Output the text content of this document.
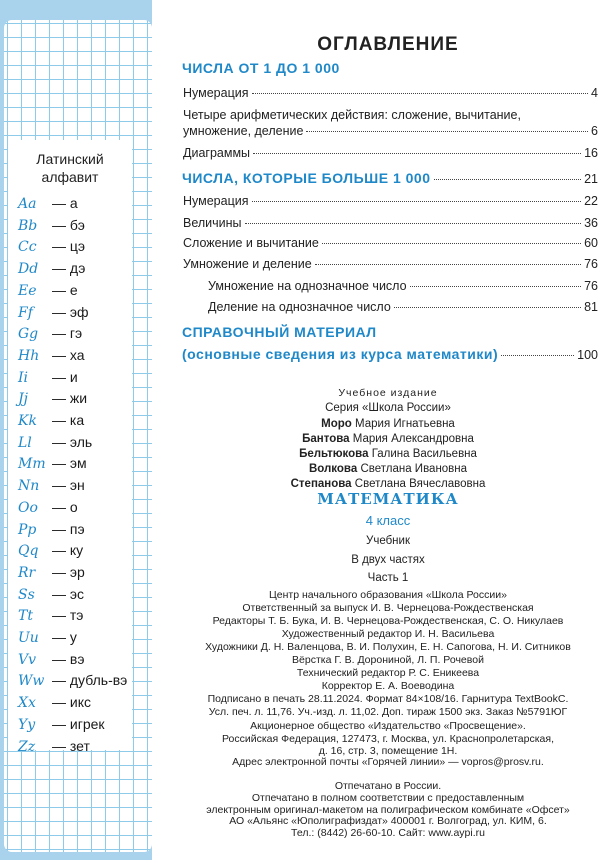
Латинский
алфавит
Aa — а
Bb — бэ
Cc — цэ
Dd — дэ
Ee — е
Ff — эф
Gg — гэ
Hh — ха
Ii — и
Jj — жи
Kk — ка
Ll — эль
Mm — эм
Nn — эн
Oo — о
Pp — пэ
Qq — ку
Rr — эр
Ss — эс
Tt — тэ
Uu — у
Vv — вэ
Ww — дубль-вэ
Xx — икс
Yy — игрек
Zz — зет
ОГЛАВЛЕНИЕ
ЧИСЛА ОТ 1 ДО 1 000
Нумерация	4
Четыре арифметических действия: сложение, вычитание,
умножение, деление	6
Диаграммы	16
ЧИСЛА, КОТОРЫЕ БОЛЬШЕ 1 000	21
Нумерация	22
Величины	36
Сложение и вычитание	60
Умножение и деление	76
Умножение на однозначное число	76
Деление на однозначное число	81
СПРАВОЧНЫЙ МАТЕРИАЛ
(основные сведения из курса математики)	100
Учебное издание
Серия «Школа России»
Моро Мария Игнатьевна
Бантова Мария Александровна
Бельтюкова Галина Васильевна
Волкова Светлана Ивановна
Степанова Светлана Вячеславовна
МАТЕМАТИКА
4 класс
Учебник
В двух частях
Часть 1
Центр начального образования «Школа России»
Ответственный за выпуск И. В. Чернецова-Рождественская
Редакторы Т. Б. Бука, И. В. Чернецова-Рождественская, С. О. Никулаев
Художественный редактор И. Н. Васильева
Художники Д. Н. Валенцова, В. И. Полухин, Е. Н. Сапогова, Н. И. Ситников
Вёрстка Г. В. Дорониной, Л. П. Рочевой
Технический редактор Р. С. Еникеева
Корректор Е. А. Воеводина
Подписано в печать 28.11.2024. Формат 84×108/16. Гарнитура TextBookC.
Усл. печ. л. 11,76. Уч.-изд. л. 11,02. Доп. тираж 1500 экз. Заказ №5791ЮГ
Акционерное общество «Издательство «Просвещение».
Российская Федерация, 127473, г. Москва, ул. Краснопролетарская,
д. 16, стр. 3, помещение 1Н.
Адрес электронной почты «Горячей линии» — vopros@prosv.ru.
Отпечатано в России.
Отпечатано в полном соответствии с предоставленным
электронным оригинал-макетом на полиграфическом комбинате «Офсет»
АО «Альянс «Юполиграфиздат» 400001 г. Волгоград, ул. КИМ, 6.
Тел.: (8442) 26-60-10. Сайт: www.aypi.ru
